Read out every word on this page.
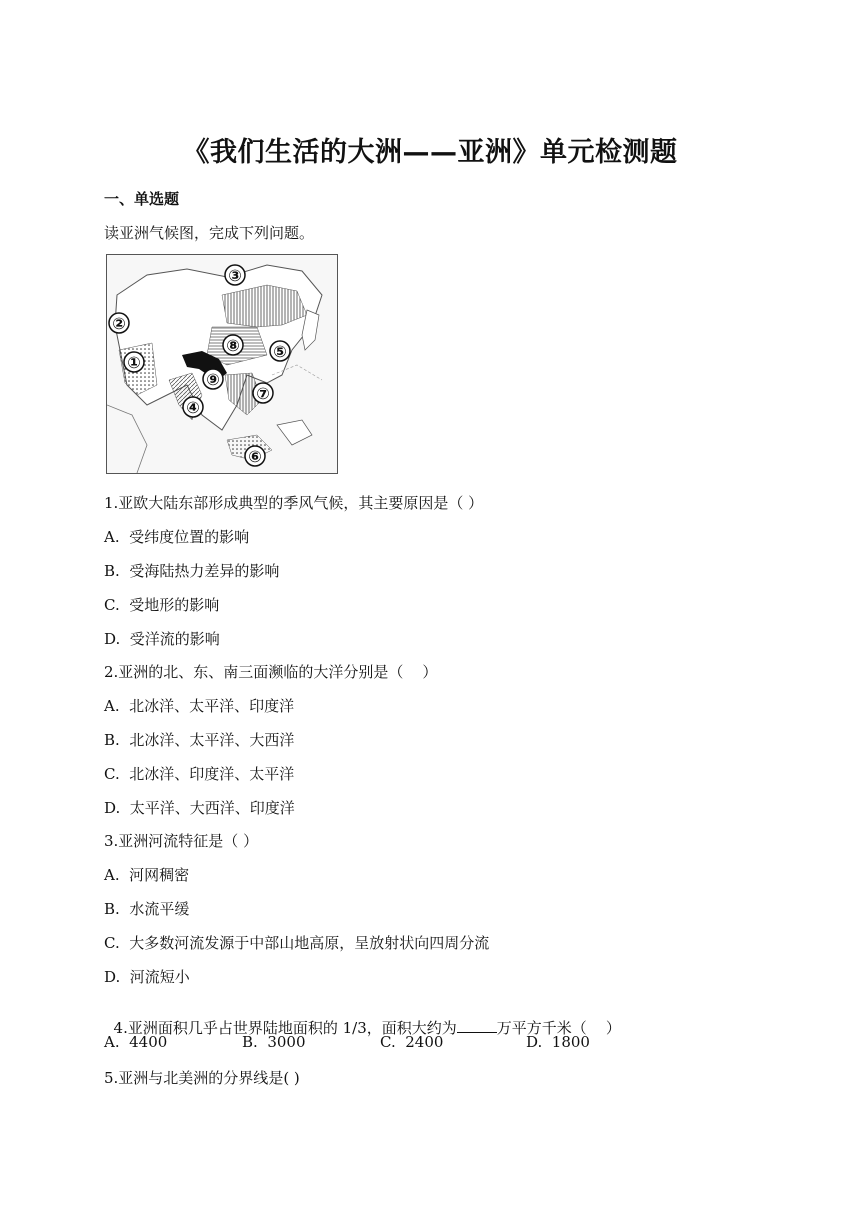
《我们生活的大洲——亚洲》单元检测题
一、单选题
读亚洲气候图，完成下列问题。
①
②
③
④
⑤
⑥
⑦
⑧
⑨
1.亚欧大陆东部形成典型的季风气候，其主要原因是（ ）
A.  受纬度位置的影响
B.  受海陆热力差异的影响
C.  受地形的影响
D.  受洋流的影响
2.亚洲的北、东、南三面濒临的大洋分别是（    ）
A.  北冰洋、太平洋、印度洋
B.  北冰洋、太平洋、大西洋
C.  北冰洋、印度洋、太平洋
D.  太平洋、大西洋、印度洋
3.亚洲河流特征是（ ）
A.  河网稠密
B.  水流平缓
C.  大多数河流发源于中部山地高原，呈放射状向四周分流
D.  河流短小

4.亚洲面积几乎占世界陆地面积的 1/3，面积大约为	万平方千米（    ）

A.  4400	B.  3000	C.  2400	D.  1800
5.亚洲与北美洲的分界线是( )
